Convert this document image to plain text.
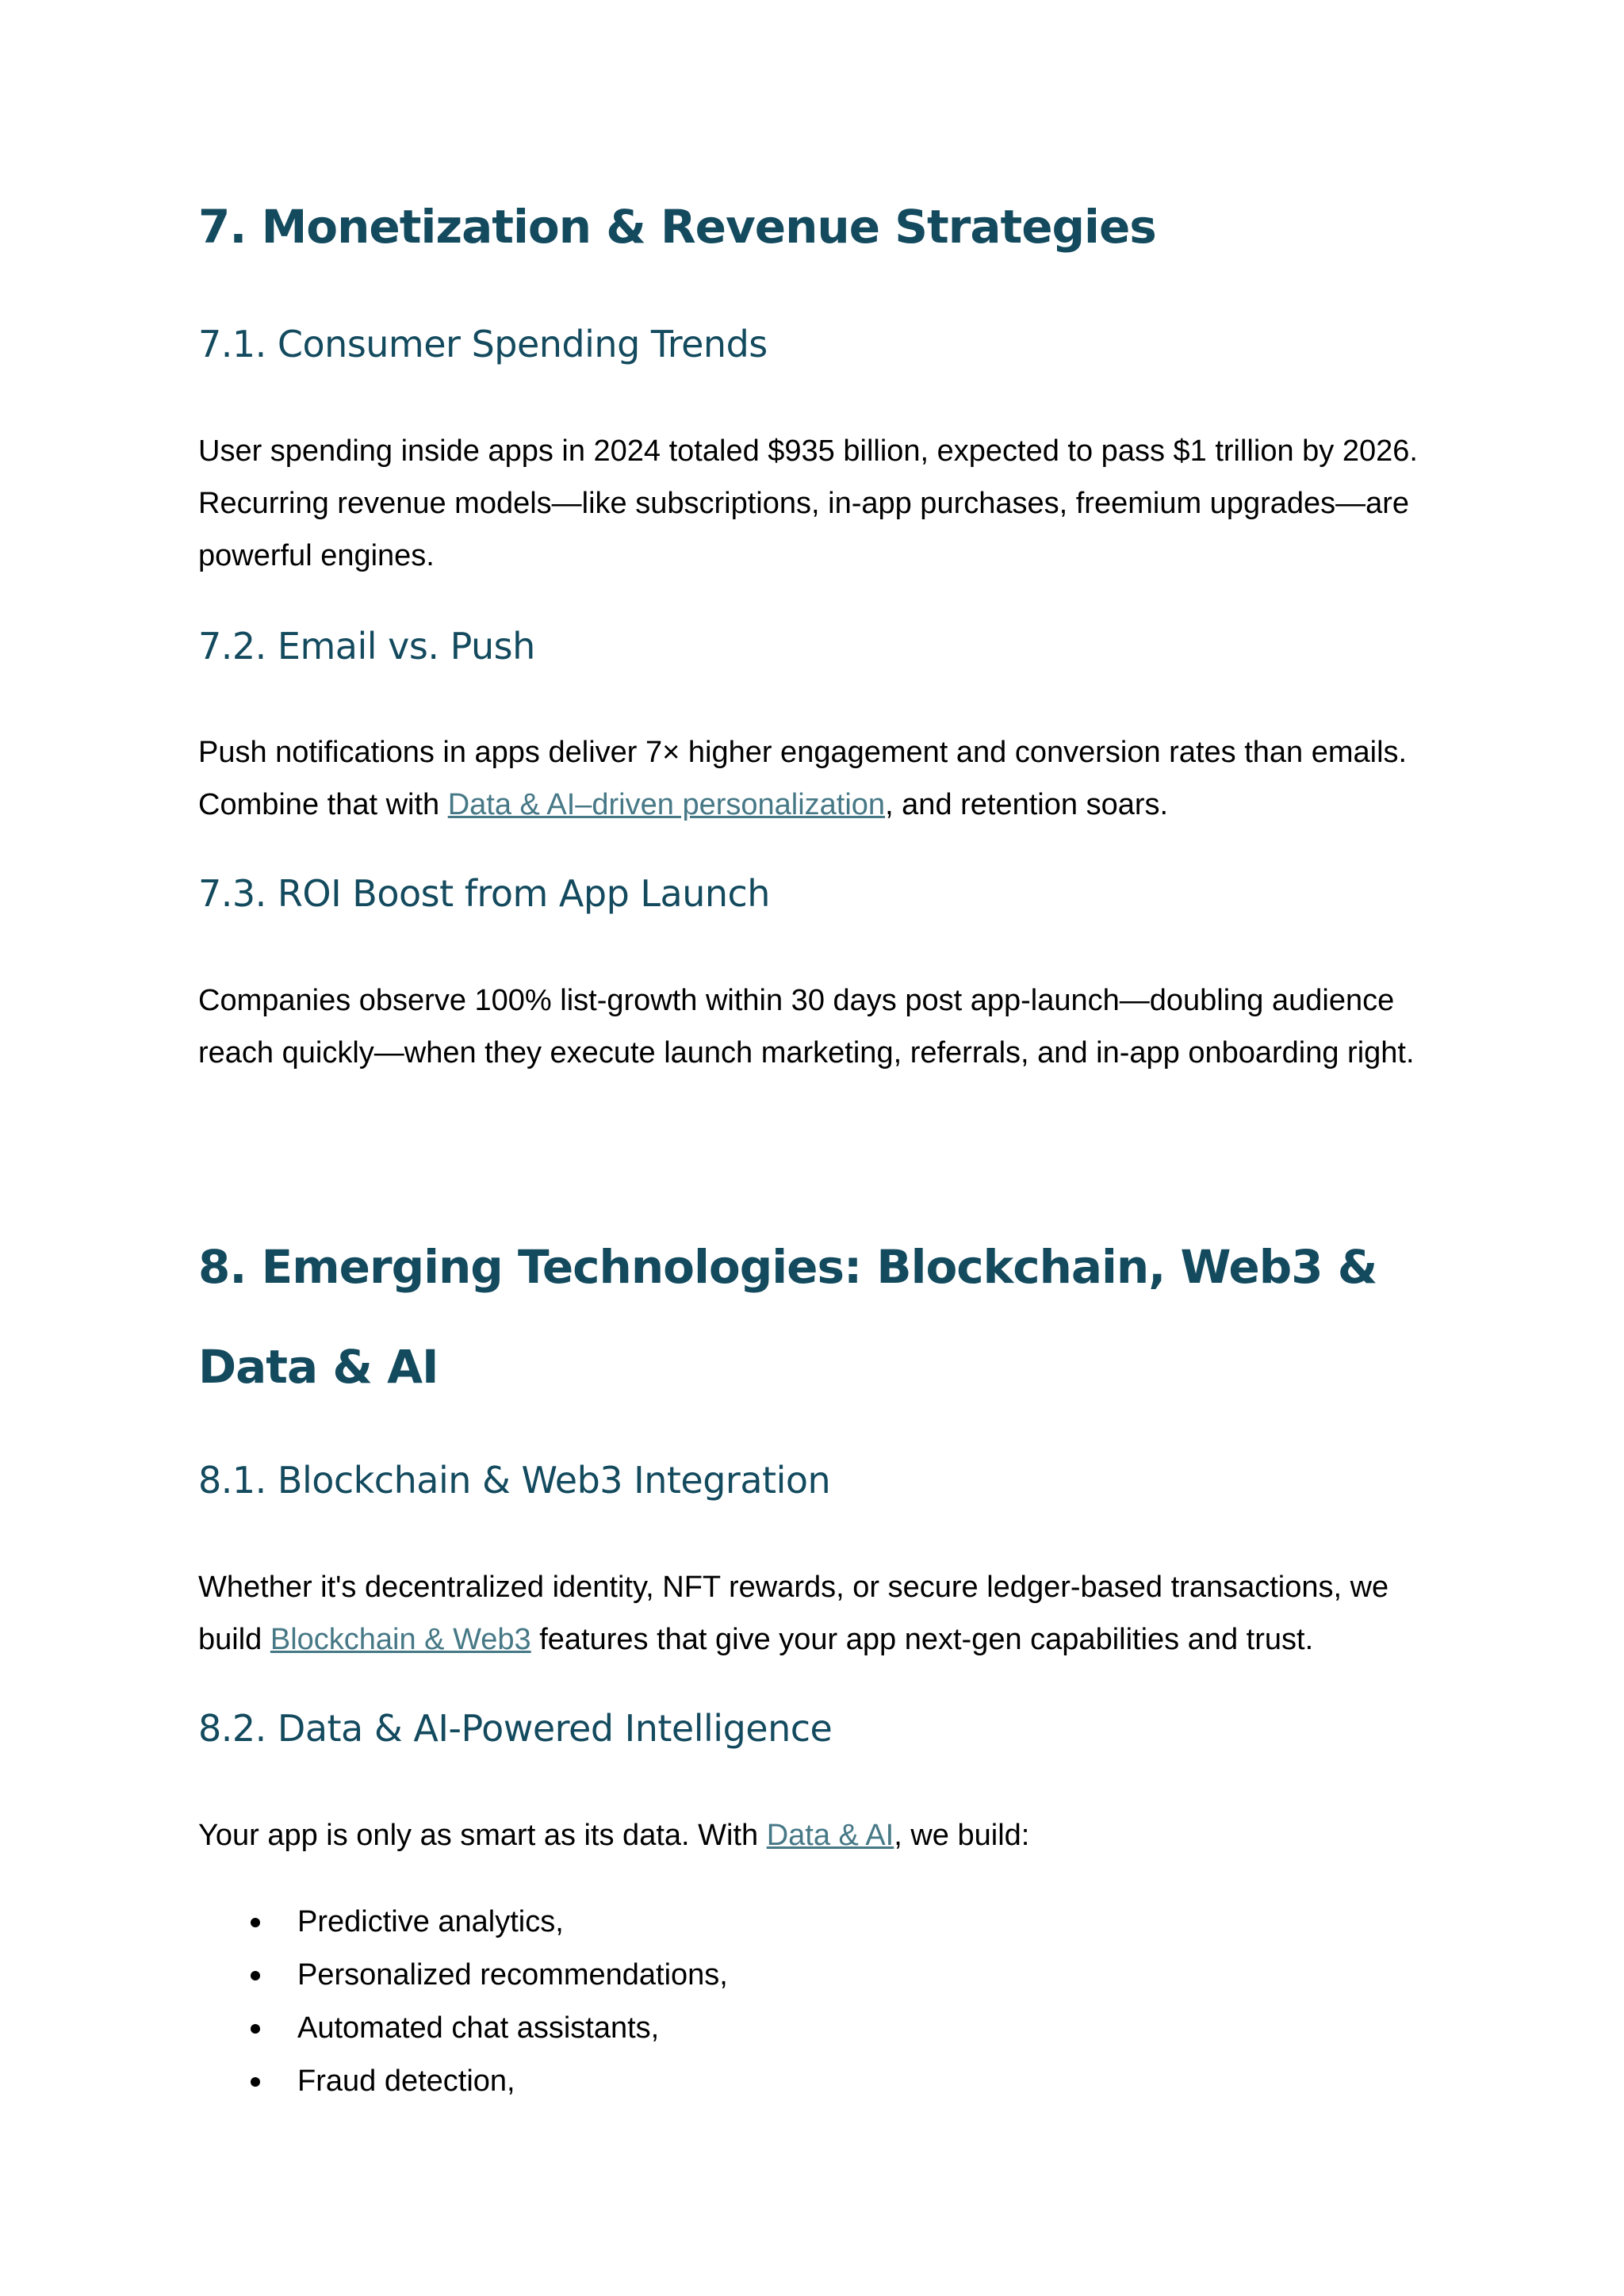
7. Monetization & Revenue Strategies
7.1. Consumer Spending Trends

User spending inside apps in 2024 totaled $935 billion, expected to pass $1 trillion by 2026. Recurring revenue models—like subscriptions, in-app purchases, freemium upgrades—are powerful engines.

7.2. Email vs. Push

Push notifications in apps deliver 7× higher engagement and conversion rates than emails. Combine that with Data & AI–driven personalization, and retention soars.

7.3. ROI Boost from App Launch

Companies observe 100% list-growth within 30 days post app-launch—doubling audience reach quickly—when they execute launch marketing, referrals, and in-app onboarding right.

8. Emerging Technologies: Blockchain, Web3 & Data & AI
8.1. Blockchain & Web3 Integration

Whether it's decentralized identity, NFT rewards, or secure ledger-based transactions, we build Blockchain & Web3 features that give your app next-gen capabilities and trust.

8.2. Data & AI-Powered Intelligence

Your app is only as smart as its data. With Data & AI, we build:

Predictive analytics,
Personalized recommendations,
Automated chat assistants,
Fraud detection,
